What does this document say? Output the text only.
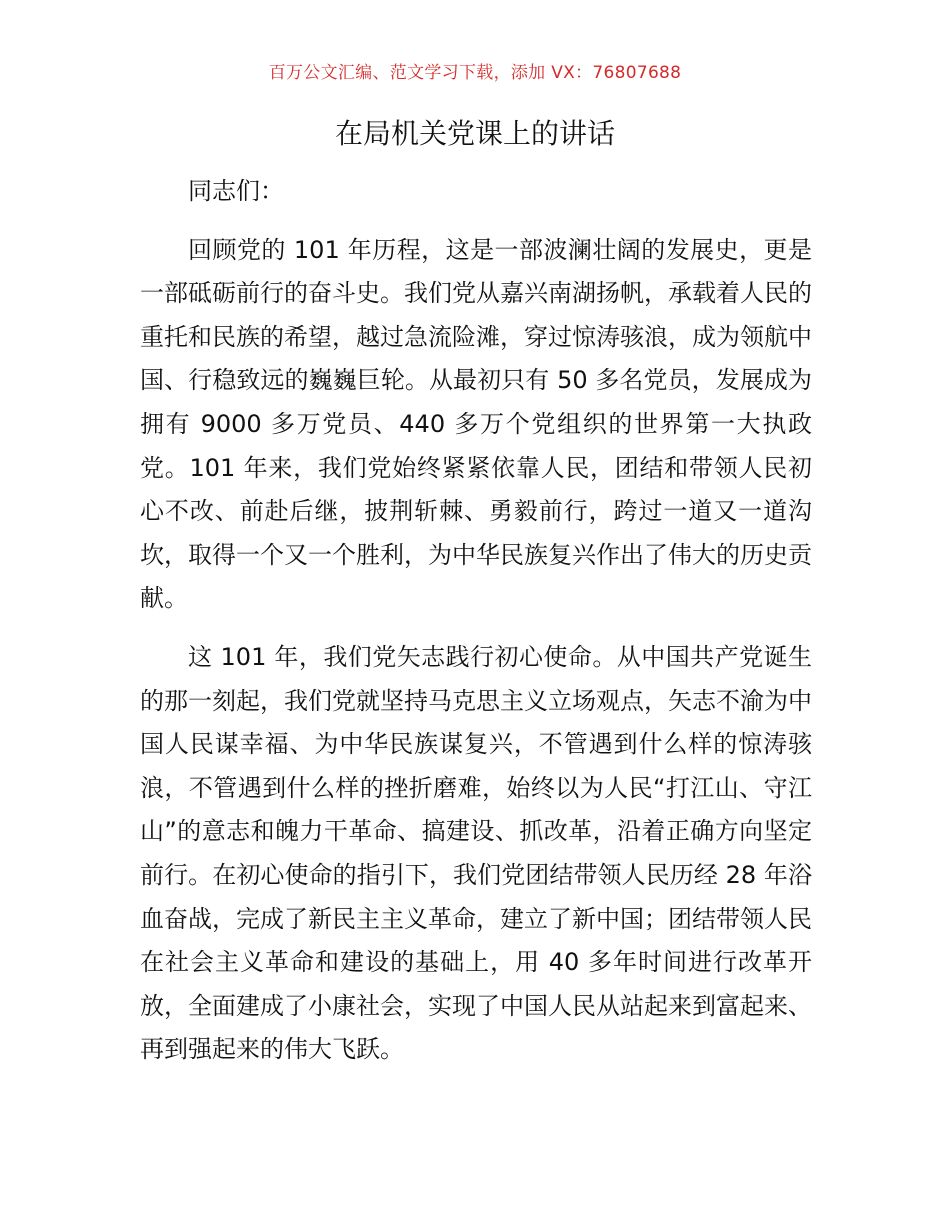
百万公文汇编、范文学习下载，添加 VX：76807688
在局机关党课上的讲话

同志们：

回顾党的 101 年历程，这是一部波澜壮阔的发展史，更是一部砥砺前行的奋斗史。我们党从嘉兴南湖扬帆，承载着人民的重托和民族的希望，越过急流险滩，穿过惊涛骇浪，成为领航中国、行稳致远的巍巍巨轮。从最初只有 50 多名党员，发展成为拥有 9000 多万党员、440 多万个党组织的世界第一大执政党。101 年来，我们党始终紧紧依靠人民，团结和带领人民初心不改、前赴后继，披荆斩棘、勇毅前行，跨过一道又一道沟坎，取得一个又一个胜利，为中华民族复兴作出了伟大的历史贡献。

这 101 年，我们党矢志践行初心使命。从中国共产党诞生的那一刻起，我们党就坚持马克思主义立场观点，矢志不渝为中国人民谋幸福、为中华民族谋复兴，不管遇到什么样的惊涛骇浪，不管遇到什么样的挫折磨难，始终以为人民“打江山、守江山”的意志和魄力干革命、搞建设、抓改革，沿着正确方向坚定前行。在初心使命的指引下，我们党团结带领人民历经 28 年浴血奋战，完成了新民主主义革命，建立了新中国；团结带领人民在社会主义革命和建设的基础上，用 40 多年时间进行改革开放，全面建成了小康社会，实现了中国人民从站起来到富起来、再到强起来的伟大飞跃。
